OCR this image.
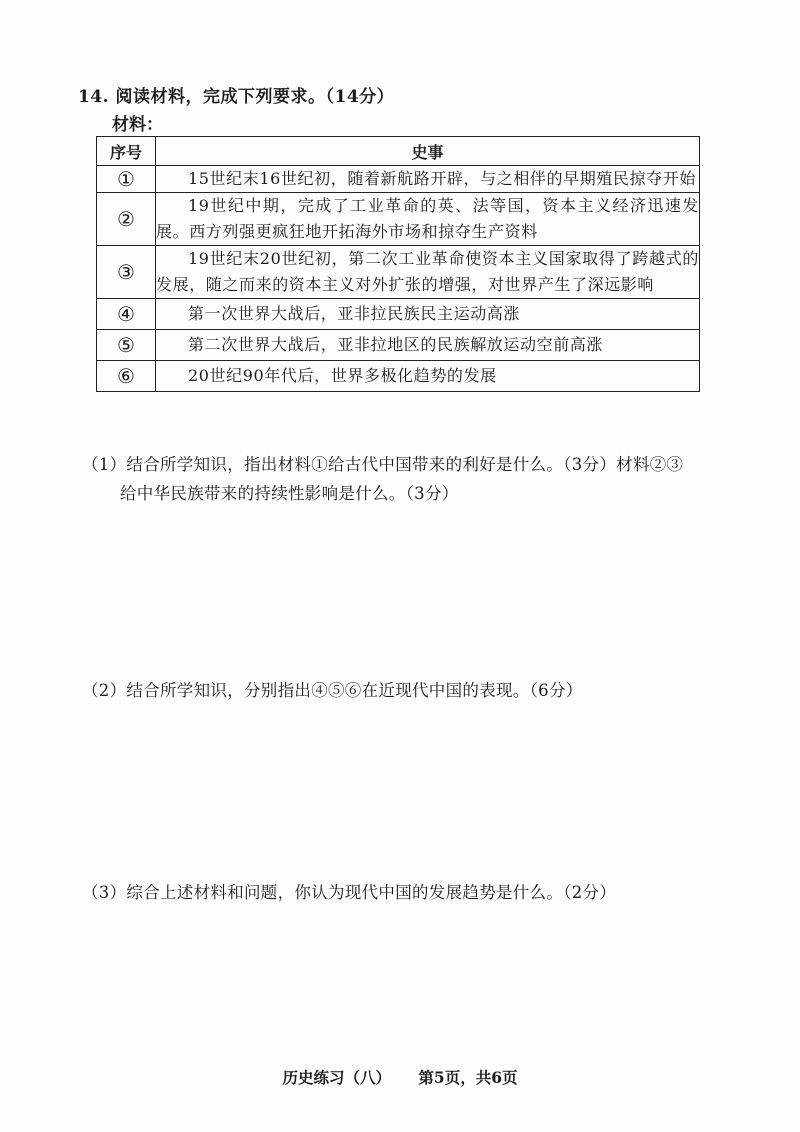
14. 阅读材料，完成下列要求。（14分）
材料：
序号	史事
①	15世纪末16世纪初，随着新航路开辟，与之相伴的早期殖民掠夺开始
②	19世纪中期，完成了工业革命的英、法等国，资本主义经济迅速发展。西方列强更疯狂地开拓海外市场和掠夺生产资料
③	19世纪末20世纪初，第二次工业革命使资本主义国家取得了跨越式的发展，随之而来的资本主义对外扩张的增强，对世界产生了深远影响
④	第一次世界大战后，亚非拉民族民主运动高涨
⑤	第二次世界大战后，亚非拉地区的民族解放运动空前高涨
⑥	20世纪90年代后，世界多极化趋势的发展
（1）结合所学知识，指出材料①给古代中国带来的利好是什么。（3分）材料②③
给中华民族带来的持续性影响是什么。（3分）
（2）结合所学知识，分别指出④⑤⑥在近现代中国的表现。（6分）
（3）综合上述材料和问题，你认为现代中国的发展趋势是什么。（2分）
历史练习（八） 第5页，共6页
